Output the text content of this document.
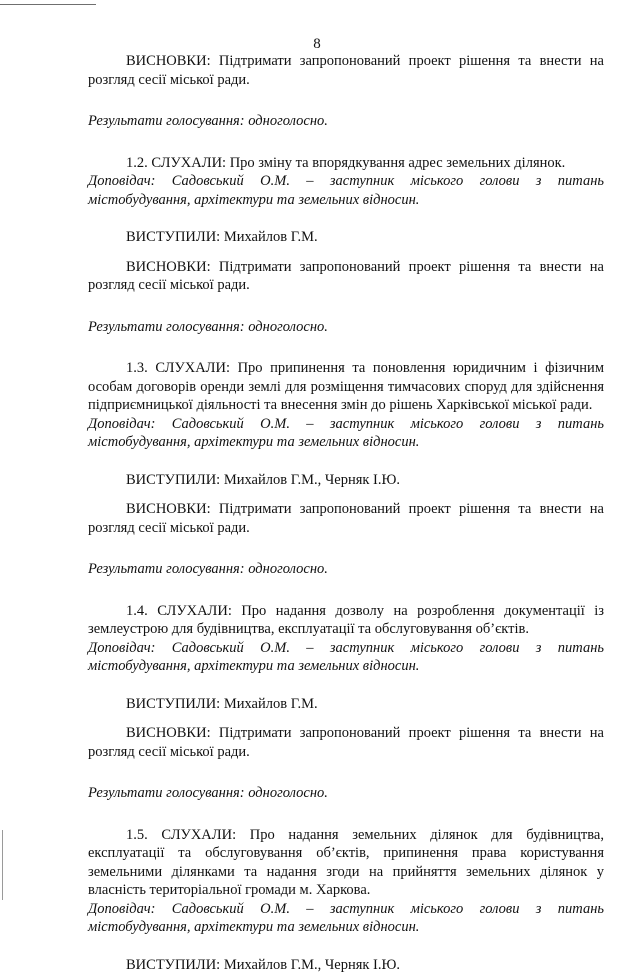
8

ВИСНОВКИ: Підтримати запропонований проект рішення та внести на розгляд сесії міської ради.

Результати голосування: одноголосно.

1.2. СЛУХАЛИ: Про зміну та впорядкування адрес земельних ділянок.

Доповідач: Садовський О.М. – заступник міського голови з питань містобудування, архітектури та земельних відносин.

ВИСТУПИЛИ: Михайлов Г.М.

ВИСНОВКИ: Підтримати запропонований проект рішення та внести на розгляд сесії міської ради.

Результати голосування: одноголосно.

1.3. СЛУХАЛИ: Про припинення та поновлення юридичним і фізичним особам договорів оренди землі для розміщення тимчасових споруд для здійснення підприємницької діяльності та внесення змін до рішень Харківської міської ради.

Доповідач: Садовський О.М. – заступник міського голови з питань містобудування, архітектури та земельних відносин.

ВИСТУПИЛИ: Михайлов Г.М., Черняк І.Ю.

ВИСНОВКИ: Підтримати запропонований проект рішення та внести на розгляд сесії міської ради.

Результати голосування: одноголосно.

1.4. СЛУХАЛИ: Про надання дозволу на розроблення документації із землеустрою для будівництва, експлуатації та обслуговування об’єктів.

Доповідач: Садовський О.М. – заступник міського голови з питань містобудування, архітектури та земельних відносин.

ВИСТУПИЛИ: Михайлов Г.М.

ВИСНОВКИ: Підтримати запропонований проект рішення та внести на розгляд сесії міської ради.

Результати голосування: одноголосно.

1.5. СЛУХАЛИ: Про надання земельних ділянок для будівництва, експлуатації та обслуговування об’єктів, припинення права користування земельними ділянками та надання згоди на прийняття земельних ділянок у власність територіальної громади м. Харкова.

Доповідач: Садовський О.М. – заступник міського голови з питань містобудування, архітектури та земельних відносин.

ВИСТУПИЛИ: Михайлов Г.М., Черняк І.Ю.
